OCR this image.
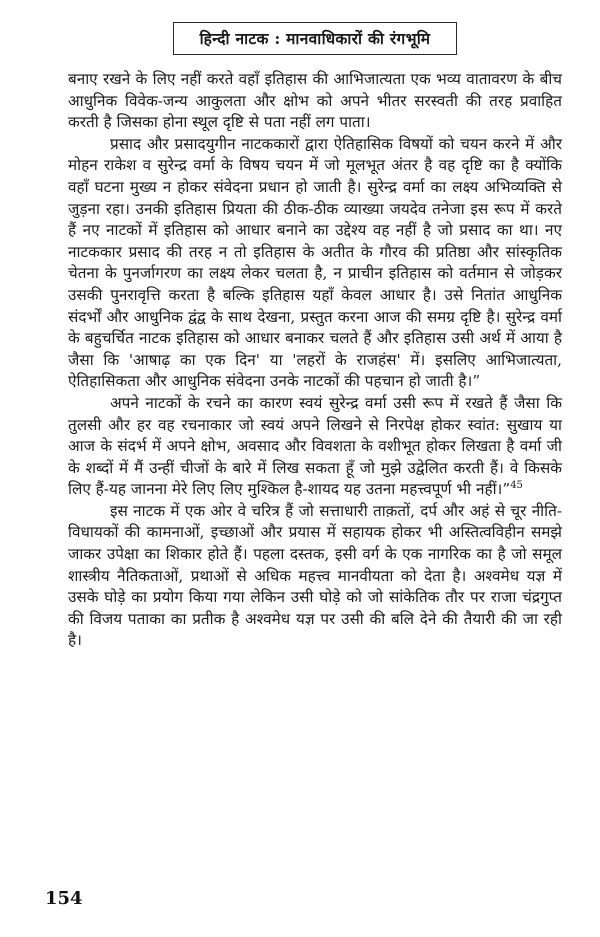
हिन्दी नाटक : मानवाधिकारों की रंगभूमि

बनाए रखने के लिए नहीं करते वहाँ इतिहास की आभिजात्यता एक भव्य वातावरण के बीच आधुनिक विवेक-जन्य आकुलता और क्षोभ को अपने भीतर सरस्वती की तरह प्रवाहित करती है जिसका होना स्थूल दृष्टि से पता नहीं लग पाता।

प्रसाद और प्रसादयुगीन नाटककारों द्वारा ऐतिहासिक विषयों को चयन करने में और मोहन राकेश व सुरेन्द्र वर्मा के विषय चयन में जो मूलभूत अंतर है वह दृष्टि का है क्योंकि वहाँ घटना मुख्य न होकर संवेदना प्रधान हो जाती है। सुरेन्द्र वर्मा का लक्ष्य अभिव्यक्ति से जुड़ना रहा। उनकी इतिहास प्रियता की ठीक-ठीक व्याख्या जयदेव तनेजा इस रूप में करते हैं नए नाटकों में इतिहास को आधार बनाने का उद्देश्य वह नहीं है जो प्रसाद का था। नए नाटककार प्रसाद की तरह न तो इतिहास के अतीत के गौरव की प्रतिष्ठा और सांस्कृतिक चेतना के पुनर्जागरण का लक्ष्य लेकर चलता है, न प्राचीन इतिहास को वर्तमान से जोड़कर उसकी पुनरावृत्ति करता है बल्कि इतिहास यहाँ केवल आधार है। उसे नितांत आधुनिक संदर्भों और आधुनिक द्वंद्व के साथ देखना, प्रस्तुत करना आज की समग्र दृष्टि है। सुरेन्द्र वर्मा के बहुचर्चित नाटक इतिहास को आधार बनाकर चलते हैं और इतिहास उसी अर्थ में आया है जैसा कि 'आषाढ़ का एक दिन' या 'लहरों के राजहंस' में। इसलिए आभिजात्यता, ऐतिहासिकता और आधुनिक संवेदना उनके नाटकों की पहचान हो जाती है।”

अपने नाटकों के रचने का कारण स्वयं सुरेन्द्र वर्मा उसी रूप में रखते हैं जैसा कि तुलसी और हर वह रचनाकार जो स्वयं अपने लिखने से निरपेक्ष होकर स्वांत: सुखाय या आज के संदर्भ में अपने क्षोभ, अवसाद और विवशता के वशीभूत होकर लिखता है वर्मा जी के शब्दों में मैं उन्हीं चीजों के बारे में लिख सकता हूँ जो मुझे उद्वेलित करती हैं। वे किसके लिए हैं-यह जानना मेरे लिए लिए मुश्किल है-शायद यह उतना महत्त्वपूर्ण भी नहीं।”$^{45}$

इस नाटक में एक ओर वे चरित्र हैं जो सत्ताधारी ताक़तों, दर्प और अहं से चूर नीति-विधायकों की कामनाओं, इच्छाओं और प्रयास में सहायक होकर भी अस्तित्वविहीन समझे जाकर उपेक्षा का शिकार होते हैं। पहला दस्तक, इसी वर्ग के एक नागरिक का है जो समूल शास्त्रीय नैतिकताओं, प्रथाओं से अधिक महत्त्व मानवीयता को देता है। अश्वमेध यज्ञ में उसके घोड़े का प्रयोग किया गया लेकिन उसी घोड़े को जो सांकेतिक तौर पर राजा चंद्रगुप्त की विजय पताका का प्रतीक है अश्वमेध यज्ञ पर उसी की बलि देने की तैयारी की जा रही है।

154
